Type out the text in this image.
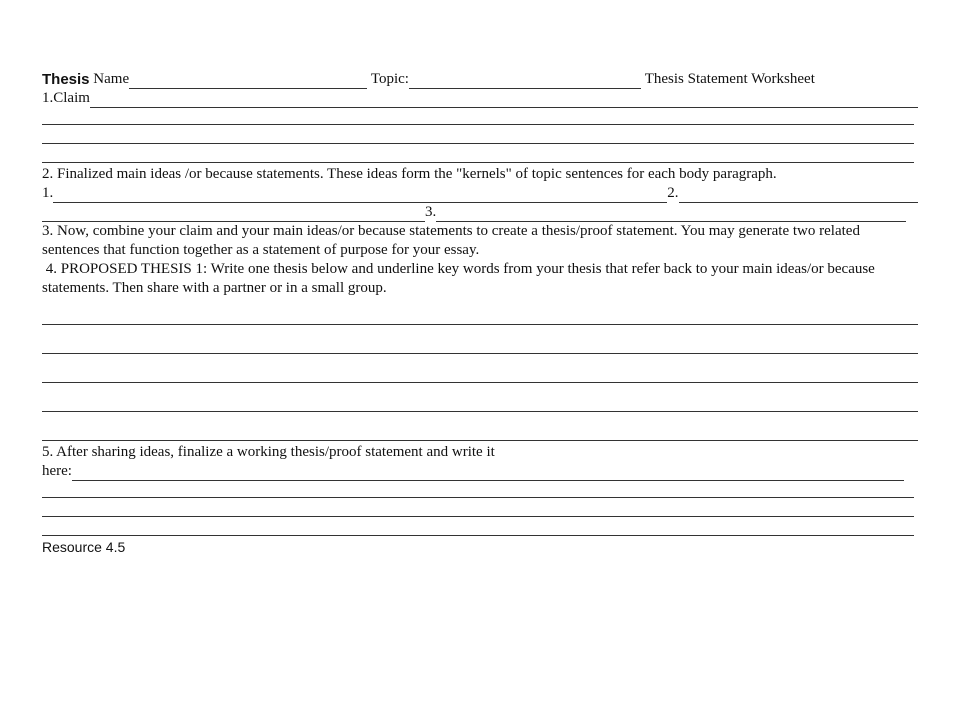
Thesis
Name
	Topic:
	Thesis Statement Worksheet
1.Claim
2. Finalized main ideas /or because statements. These ideas form the "kernels" of topic sentences for each body paragraph.
1.	2.
3.
3. Now, combine your claim and your main ideas/or because statements to create a thesis/proof statement. You may generate two related sentences that function together as a statement of purpose for your essay.
4. PROPOSED THESIS 1: Write one thesis below and underline key words from your thesis that refer back to your main ideas/or because statements. Then share with a partner or in a small group.
5. After sharing ideas, finalize a working thesis/proof statement and write it
here:
Resource 4.5
